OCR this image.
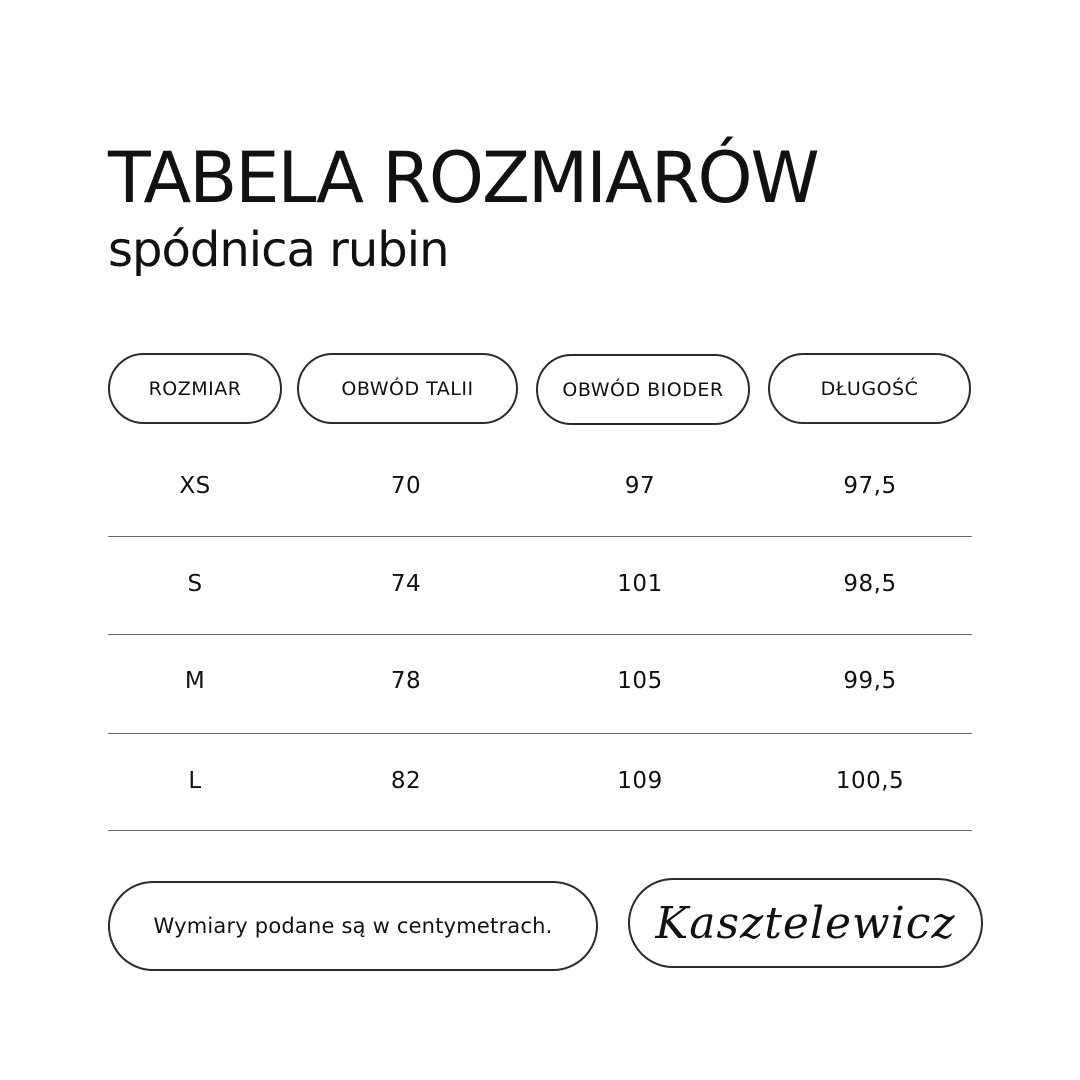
TABELA ROZMIARÓW
spódnica rubin
ROZMIAR	OBWÓD TALII	OBWÓD BIODER	DŁUGOŚĆ
XS	70	97	97,5
S	74	101	98,5
M	78	105	99,5
L	82	109	100,5
Wymiary podane są w centymetrach.	Kasztelewicz
